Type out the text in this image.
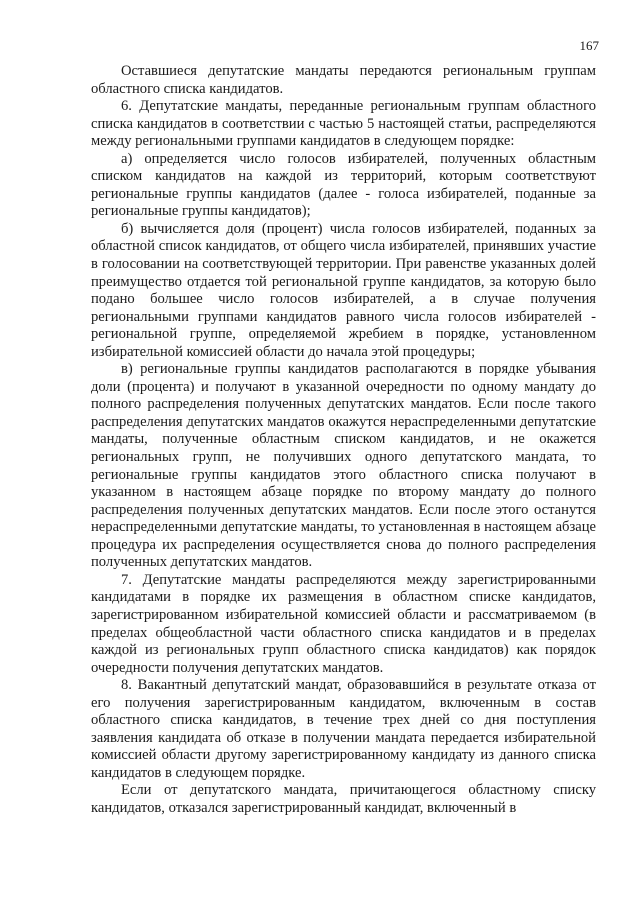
167

Оставшиеся депутатские мандаты передаются региональным группам областного списка кандидатов.

6. Депутатские мандаты, переданные региональным группам областного списка кандидатов в соответствии с частью 5 настоящей статьи, распределяются между региональными группами кандидатов в следующем порядке:

а) определяется число голосов избирателей, полученных областным списком кандидатов на каждой из территорий, которым соответствуют региональные группы кандидатов (далее - голоса избирателей, поданные за региональные группы кандидатов);

б) вычисляется доля (процент) числа голосов избирателей, поданных за областной список кандидатов, от общего числа избирателей, принявших участие в голосовании на соответствующей территории. При равенстве указанных долей преимущество отдается той региональной группе кандидатов, за которую было подано большее число голосов избирателей, а в случае получения региональными группами кандидатов равного числа голосов избирателей - региональной группе, определяемой жребием в порядке, установленном избирательной комиссией области до начала этой процедуры;

в) региональные группы кандидатов располагаются в порядке убывания доли (процента) и получают в указанной очередности по одному мандату до полного распределения полученных депутатских мандатов. Если после такого распределения депутатских мандатов окажутся нераспределенными депутатские мандаты, полученные областным списком кандидатов, и не окажется региональных групп, не получивших одного депутатского мандата, то региональные группы кандидатов этого областного списка получают в указанном в настоящем абзаце порядке по второму мандату до полного распределения полученных депутатских мандатов. Если после этого останутся нераспределенными депутатские мандаты, то установленная в настоящем абзаце процедура их распределения осуществляется снова до полного распределения полученных депутатских мандатов.

7. Депутатские мандаты распределяются между зарегистрированными кандидатами в порядке их размещения в областном списке кандидатов, зарегистрированном избирательной комиссией области и рассматриваемом (в пределах общеобластной части областного списка кандидатов и в пределах каждой из региональных групп областного списка кандидатов) как порядок очередности получения депутатских мандатов.

8. Вакантный депутатский мандат, образовавшийся в результате отказа от его получения зарегистрированным кандидатом, включенным в состав областного списка кандидатов, в течение трех дней со дня поступления заявления кандидата об отказе в получении мандата передается избирательной комиссией области другому зарегистрированному кандидату из данного списка кандидатов в следующем порядке.

Если от депутатского мандата, причитающегося областному списку кандидатов, отказался зарегистрированный кандидат, включенный в
